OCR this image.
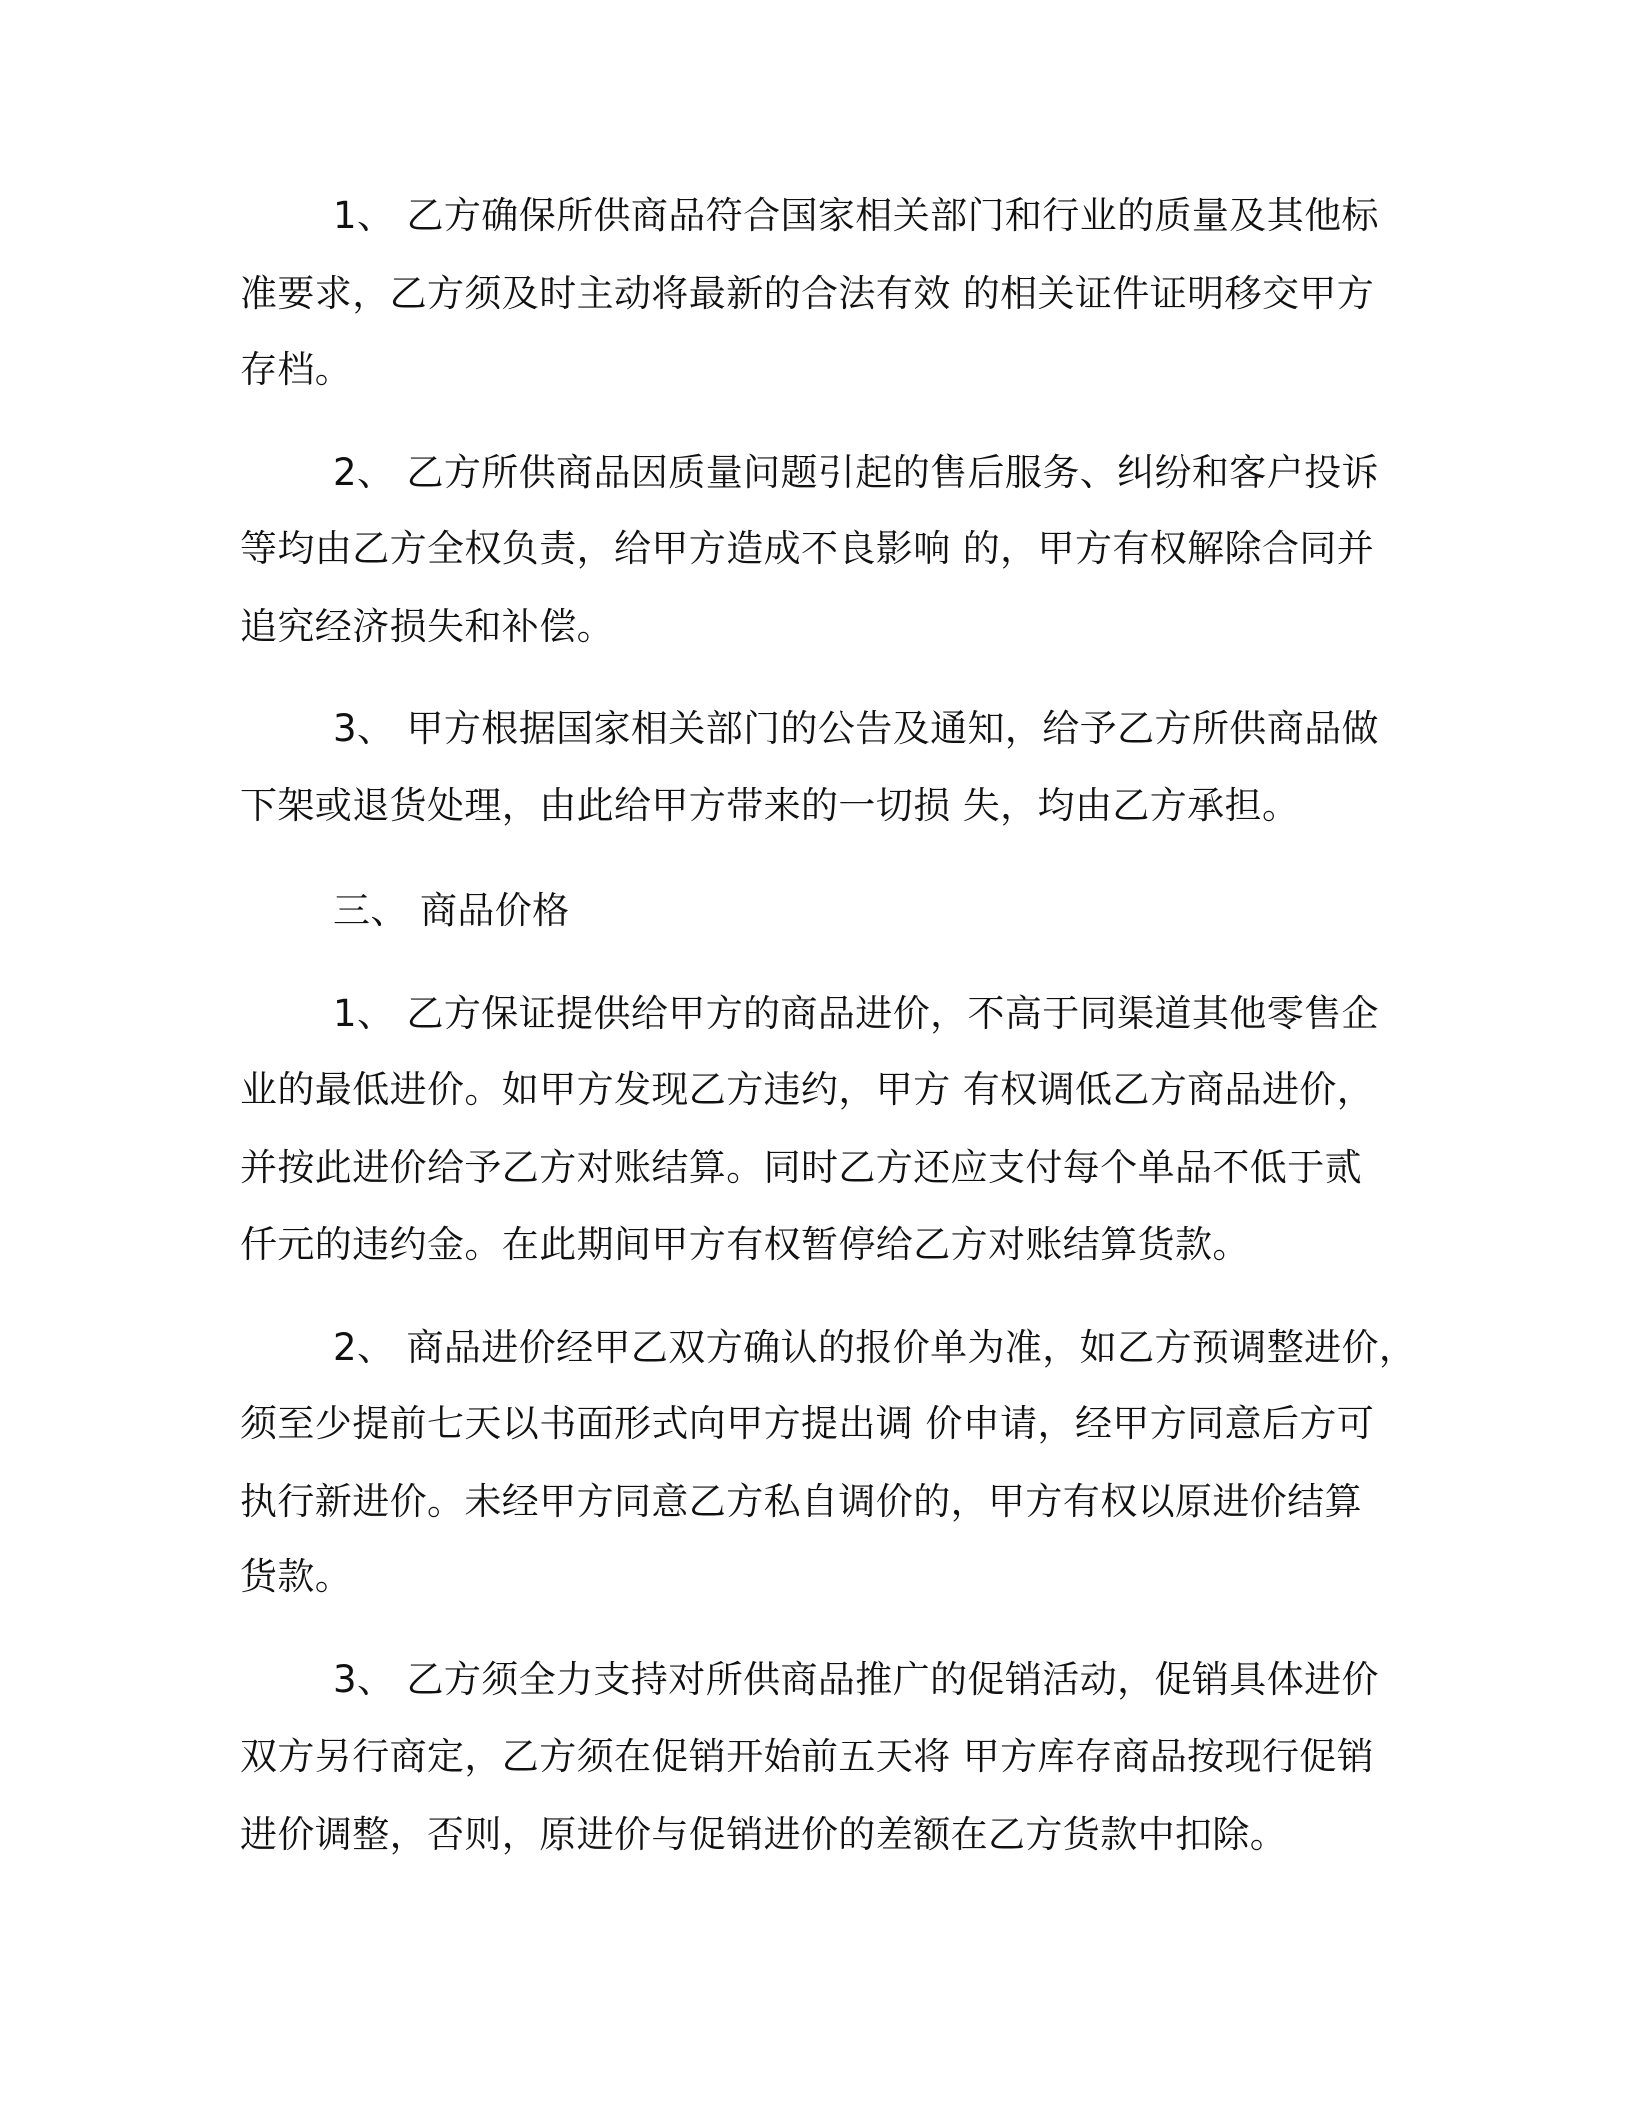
1、 乙方确保所供商品符合国家相关部门和行业的质量及其他标
准要求，乙方须及时主动将最新的合法有效 的相关证件证明移交甲方
存档。
2、 乙方所供商品因质量问题引起的售后服务、纠纷和客户投诉
等均由乙方全权负责，给甲方造成不良影响 的，甲方有权解除合同并
追究经济损失和补偿。
3、 甲方根据国家相关部门的公告及通知，给予乙方所供商品做
下架或退货处理，由此给甲方带来的一切损 失，均由乙方承担。
三、 商品价格
1、 乙方保证提供给甲方的商品进价，不高于同渠道其他零售企
业的最低进价。如甲方发现乙方违约，甲方 有权调低乙方商品进价，
并按此进价给予乙方对账结算。同时乙方还应支付每个单品不低于贰
仟元的违约金。在此期间甲方有权暂停给乙方对账结算货款。
2、 商品进价经甲乙双方确认的报价单为准，如乙方预调整进价，
须至少提前七天以书面形式向甲方提出调 价申请，经甲方同意后方可
执行新进价。未经甲方同意乙方私自调价的，甲方有权以原进价结算
货款。
3、 乙方须全力支持对所供商品推广的促销活动，促销具体进价
双方另行商定，乙方须在促销开始前五天将 甲方库存商品按现行促销
进价调整，否则，原进价与促销进价的差额在乙方货款中扣除。
